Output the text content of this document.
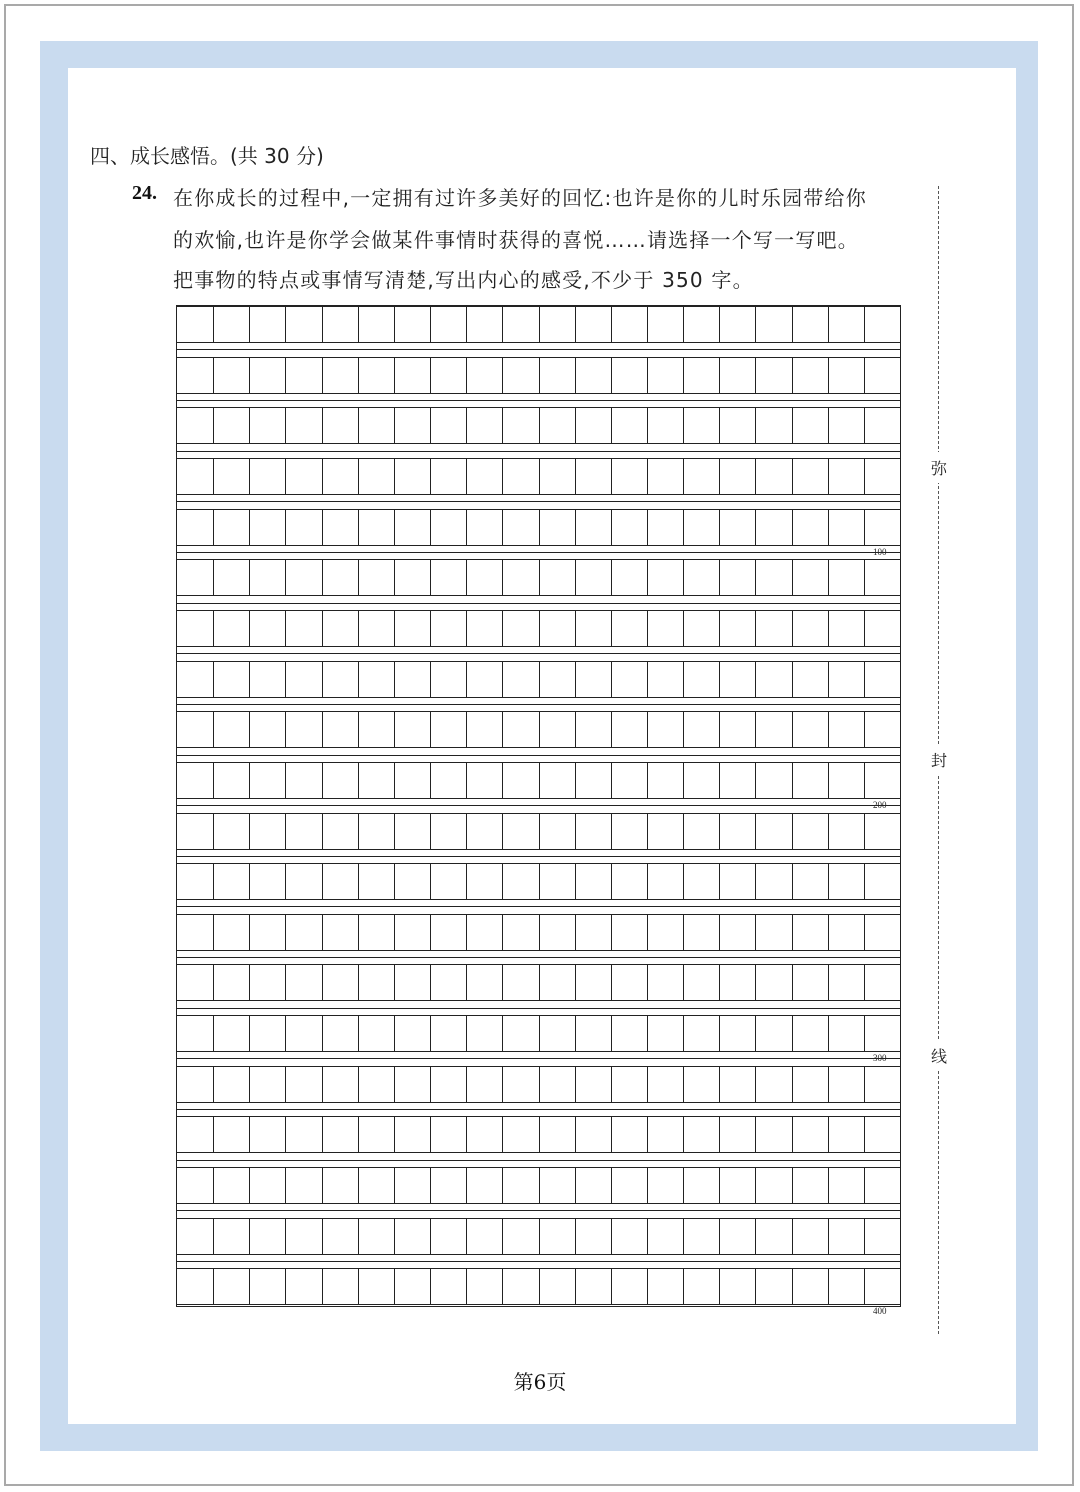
四、成长感悟。(共 30 分)
24. 在你成长的过程中,一定拥有过许多美好的回忆:也许是你的儿时乐园带给你
的欢愉,也许是你学会做某件事情时获得的喜悦……请选择一个写一写吧。
把事物的特点或事情写清楚,写出内心的感受,不少于 350 字。
100
200
300
400
弥
封
线
第6页
